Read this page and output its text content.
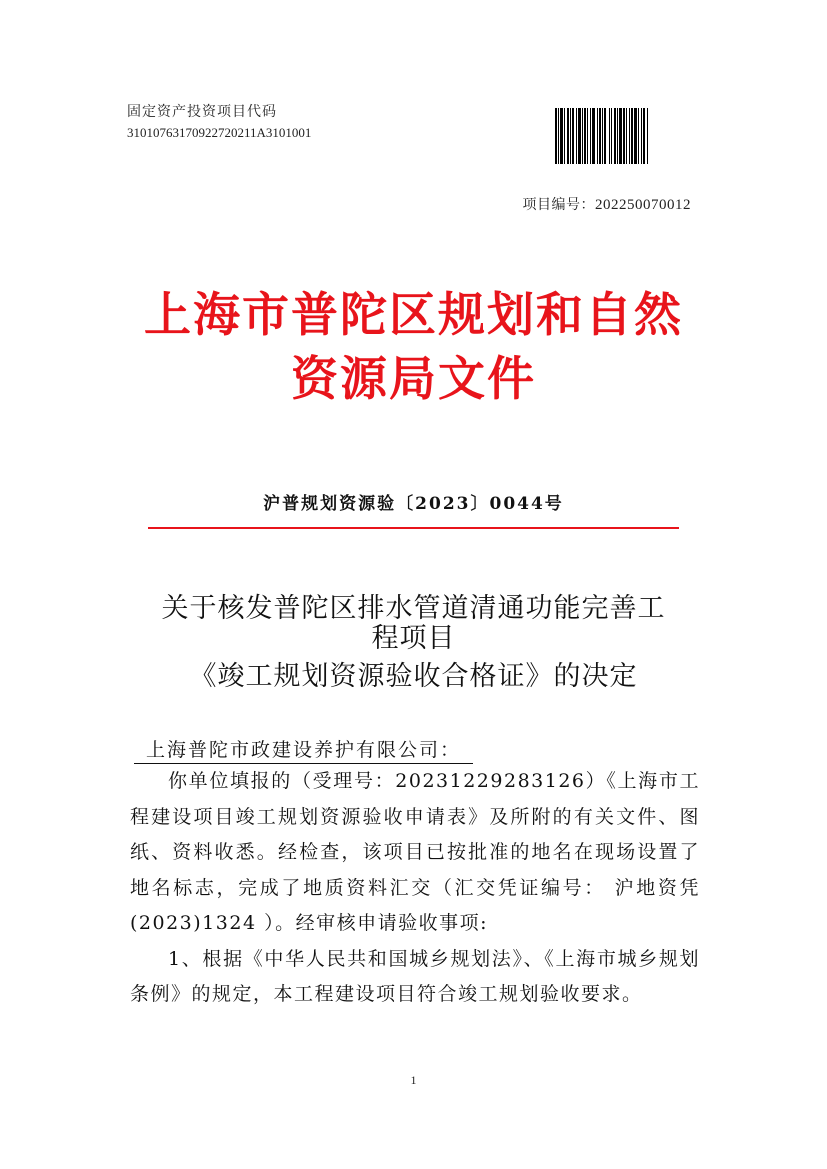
固定资产投资项目代码
31010763170922720211A3101001
项目编号：202250070012
上海市普陀区规划和自然
资源局文件
沪普规划资源验〔2023〕0044号
关于核发普陀区排水管道清通功能完善工
程项目
《竣工规划资源验收合格证》的决定
上海普陀市政建设养护有限公司：

你单位填报的（受理号：20231229283126）《上海市工程建设项目竣工规划资源验收申请表》及所附的有关文件、图纸、资料收悉。经检查，该项目已按批准的地名在现场设置了地名标志，完成了地质资料汇交（汇交凭证编号： 沪地资凭(2023)1324 ）。经审核申请验收事项:

1、根据《中华人民共和国城乡规划法》、《上海市城乡规划条例》的规定，本工程建设项目符合竣工规划验收要求。

1
